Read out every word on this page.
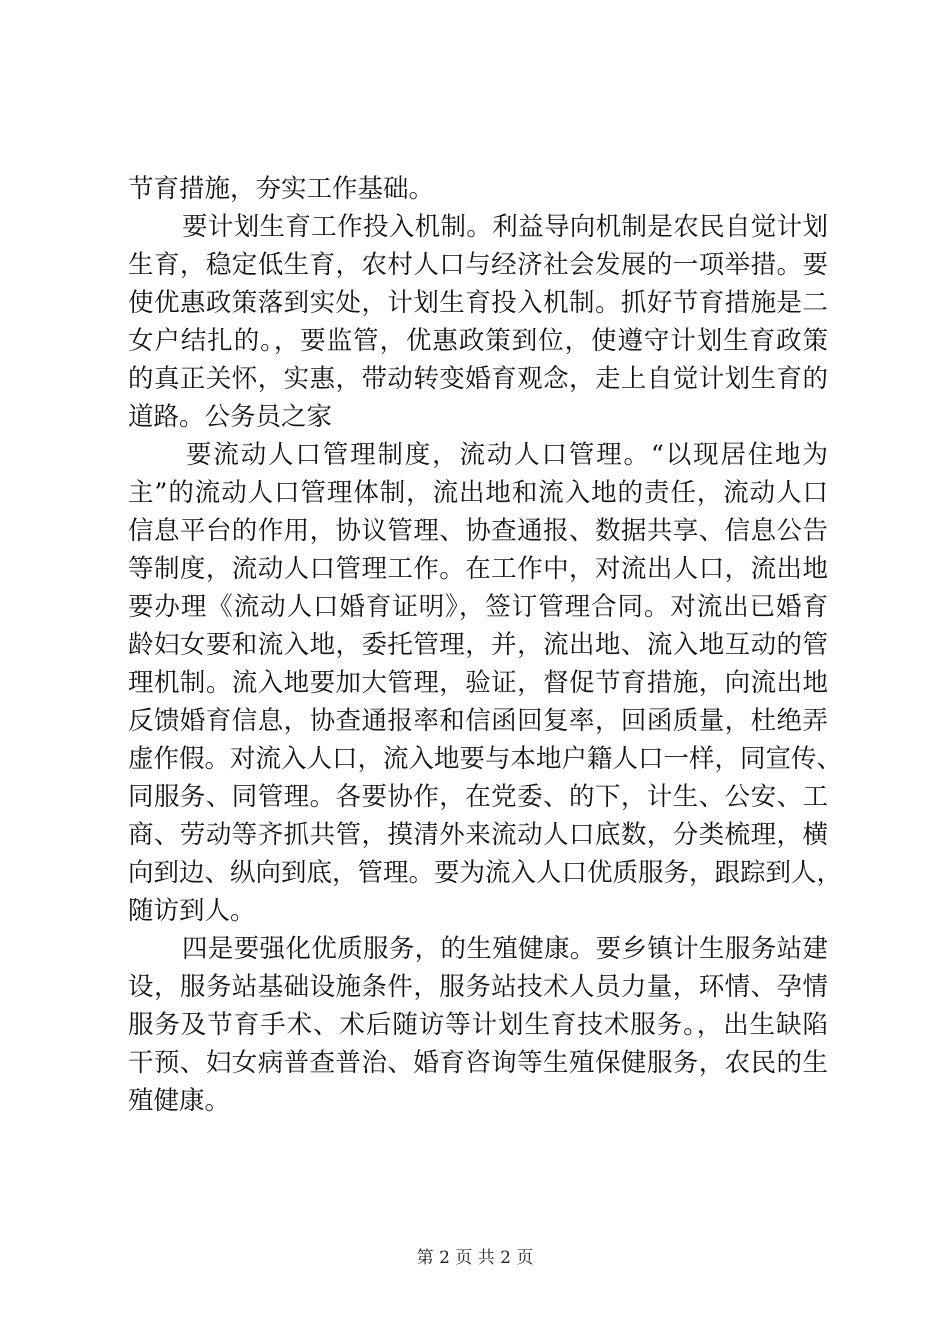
节育措施，夯实工作基础。
要计划生育工作投入机制。利益导向机制是农民自觉计划
生育，稳定低生育，农村人口与经济社会发展的一项举措。要
使优惠政策落到实处，计划生育投入机制。抓好节育措施是二
女户结扎的。，要监管，优惠政策到位，使遵守计划生育政策
的真正关怀，实惠，带动转变婚育观念，走上自觉计划生育的
道路。公务员之家
要流动人口管理制度，流动人口管理。“以现居住地为
主”的流动人口管理体制，流出地和流入地的责任，流动人口
信息平台的作用，协议管理、协查通报、数据共享、信息公告
等制度，流动人口管理工作。在工作中，对流出人口，流出地
要办理《流动人口婚育证明》，签订管理合同。对流出已婚育
龄妇女要和流入地，委托管理，并，流出地、流入地互动的管
理机制。流入地要加大管理，验证，督促节育措施，向流出地
反馈婚育信息，协查通报率和信函回复率，回函质量，杜绝弄
虚作假。对流入人口，流入地要与本地户籍人口一样，同宣传、
同服务、同管理。各要协作，在党委、的下，计生、公安、工
商、劳动等齐抓共管，摸清外来流动人口底数，分类梳理，横
向到边、纵向到底，管理。要为流入人口优质服务，跟踪到人，
随访到人。
四是要强化优质服务，的生殖健康。要乡镇计生服务站建
设，服务站基础设施条件，服务站技术人员力量，环情、孕情
服务及节育手术、术后随访等计划生育技术服务。，出生缺陷
干预、妇女病普查普治、婚育咨询等生殖保健服务，农民的生
殖健康。
第 2 页 共 2 页
